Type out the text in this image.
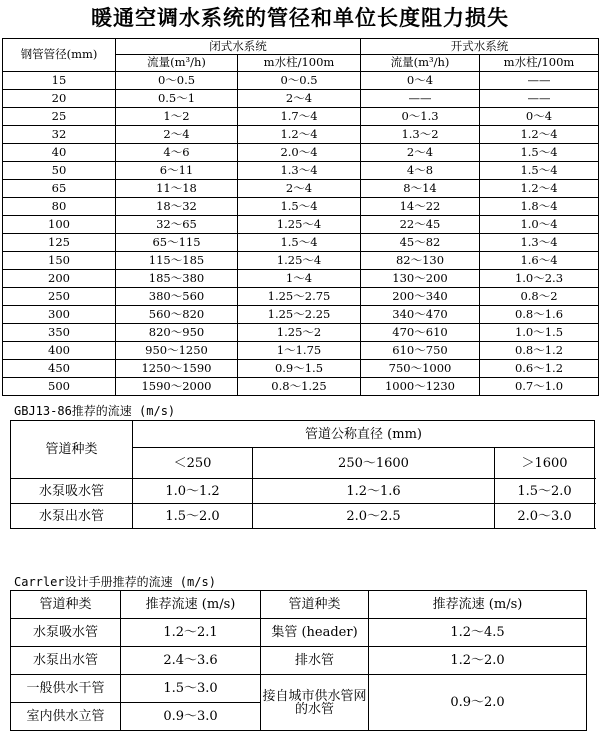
暖通空调水系统的管径和单位长度阻力损失
钢管管径(mm)	闭式水系统		开式水系统	
	流量(m³/h)	m水柱/100m	流量(m³/h)	m水柱/100m
15	0～0.5	0～0.5	0～4	——
20	0.5～1	2～4	——	——
25	1～2	1.7～4	0～1.3	0～4
32	2～4	1.2～4	1.3～2	1.2～4
40	4～6	2.0～4	2～4	1.5～4
50	6～11	1.3～4	4～8	1.5～4
65	11～18	2～4	8～14	1.2～4
80	18～32	1.5～4	14～22	1.8～4
100	32～65	1.25～4	22～45	1.0～4
125	65～115	1.5～4	45～82	1.3～4
150	115～185	1.25～4	82～130	1.6～4
200	185～380	1～4	130～200	1.0～2.3
250	380～560	1.25～2.75	200～340	0.8～2
300	560～820	1.25～2.25	340～470	0.8～1.6
350	820～950	1.25～2	470～610	1.0～1.5
400	950～1250	1～1.75	610～750	0.8～1.2
450	1250～1590	0.9～1.5	750～1000	0.6～1.2
500	1590～2000	0.8～1.25	1000～1230	0.7～1.0
GBJ13-86推荐的流速 (m/s)
管道种类	管道公称直径 (mm)		
	＜250	250～1600	＞1600
水泵吸水管	1.0～1.2	1.2～1.6	1.5～2.0
水泵出水管	1.5～2.0	2.0～2.5	2.0～3.0
Carrler设计手册推荐的流速 (m/s)
管道种类	推荐流速 (m/s)	管道种类	推荐流速 (m/s)
水泵吸水管	1.2～2.1	集管 (header)	1.2～4.5
水泵出水管	2.4～3.6	排水管	1.2～2.0
一般供水干管	1.5～3.0	接自城市供水管网的水管	0.9～2.0
室内供水立管	0.9～3.0		
